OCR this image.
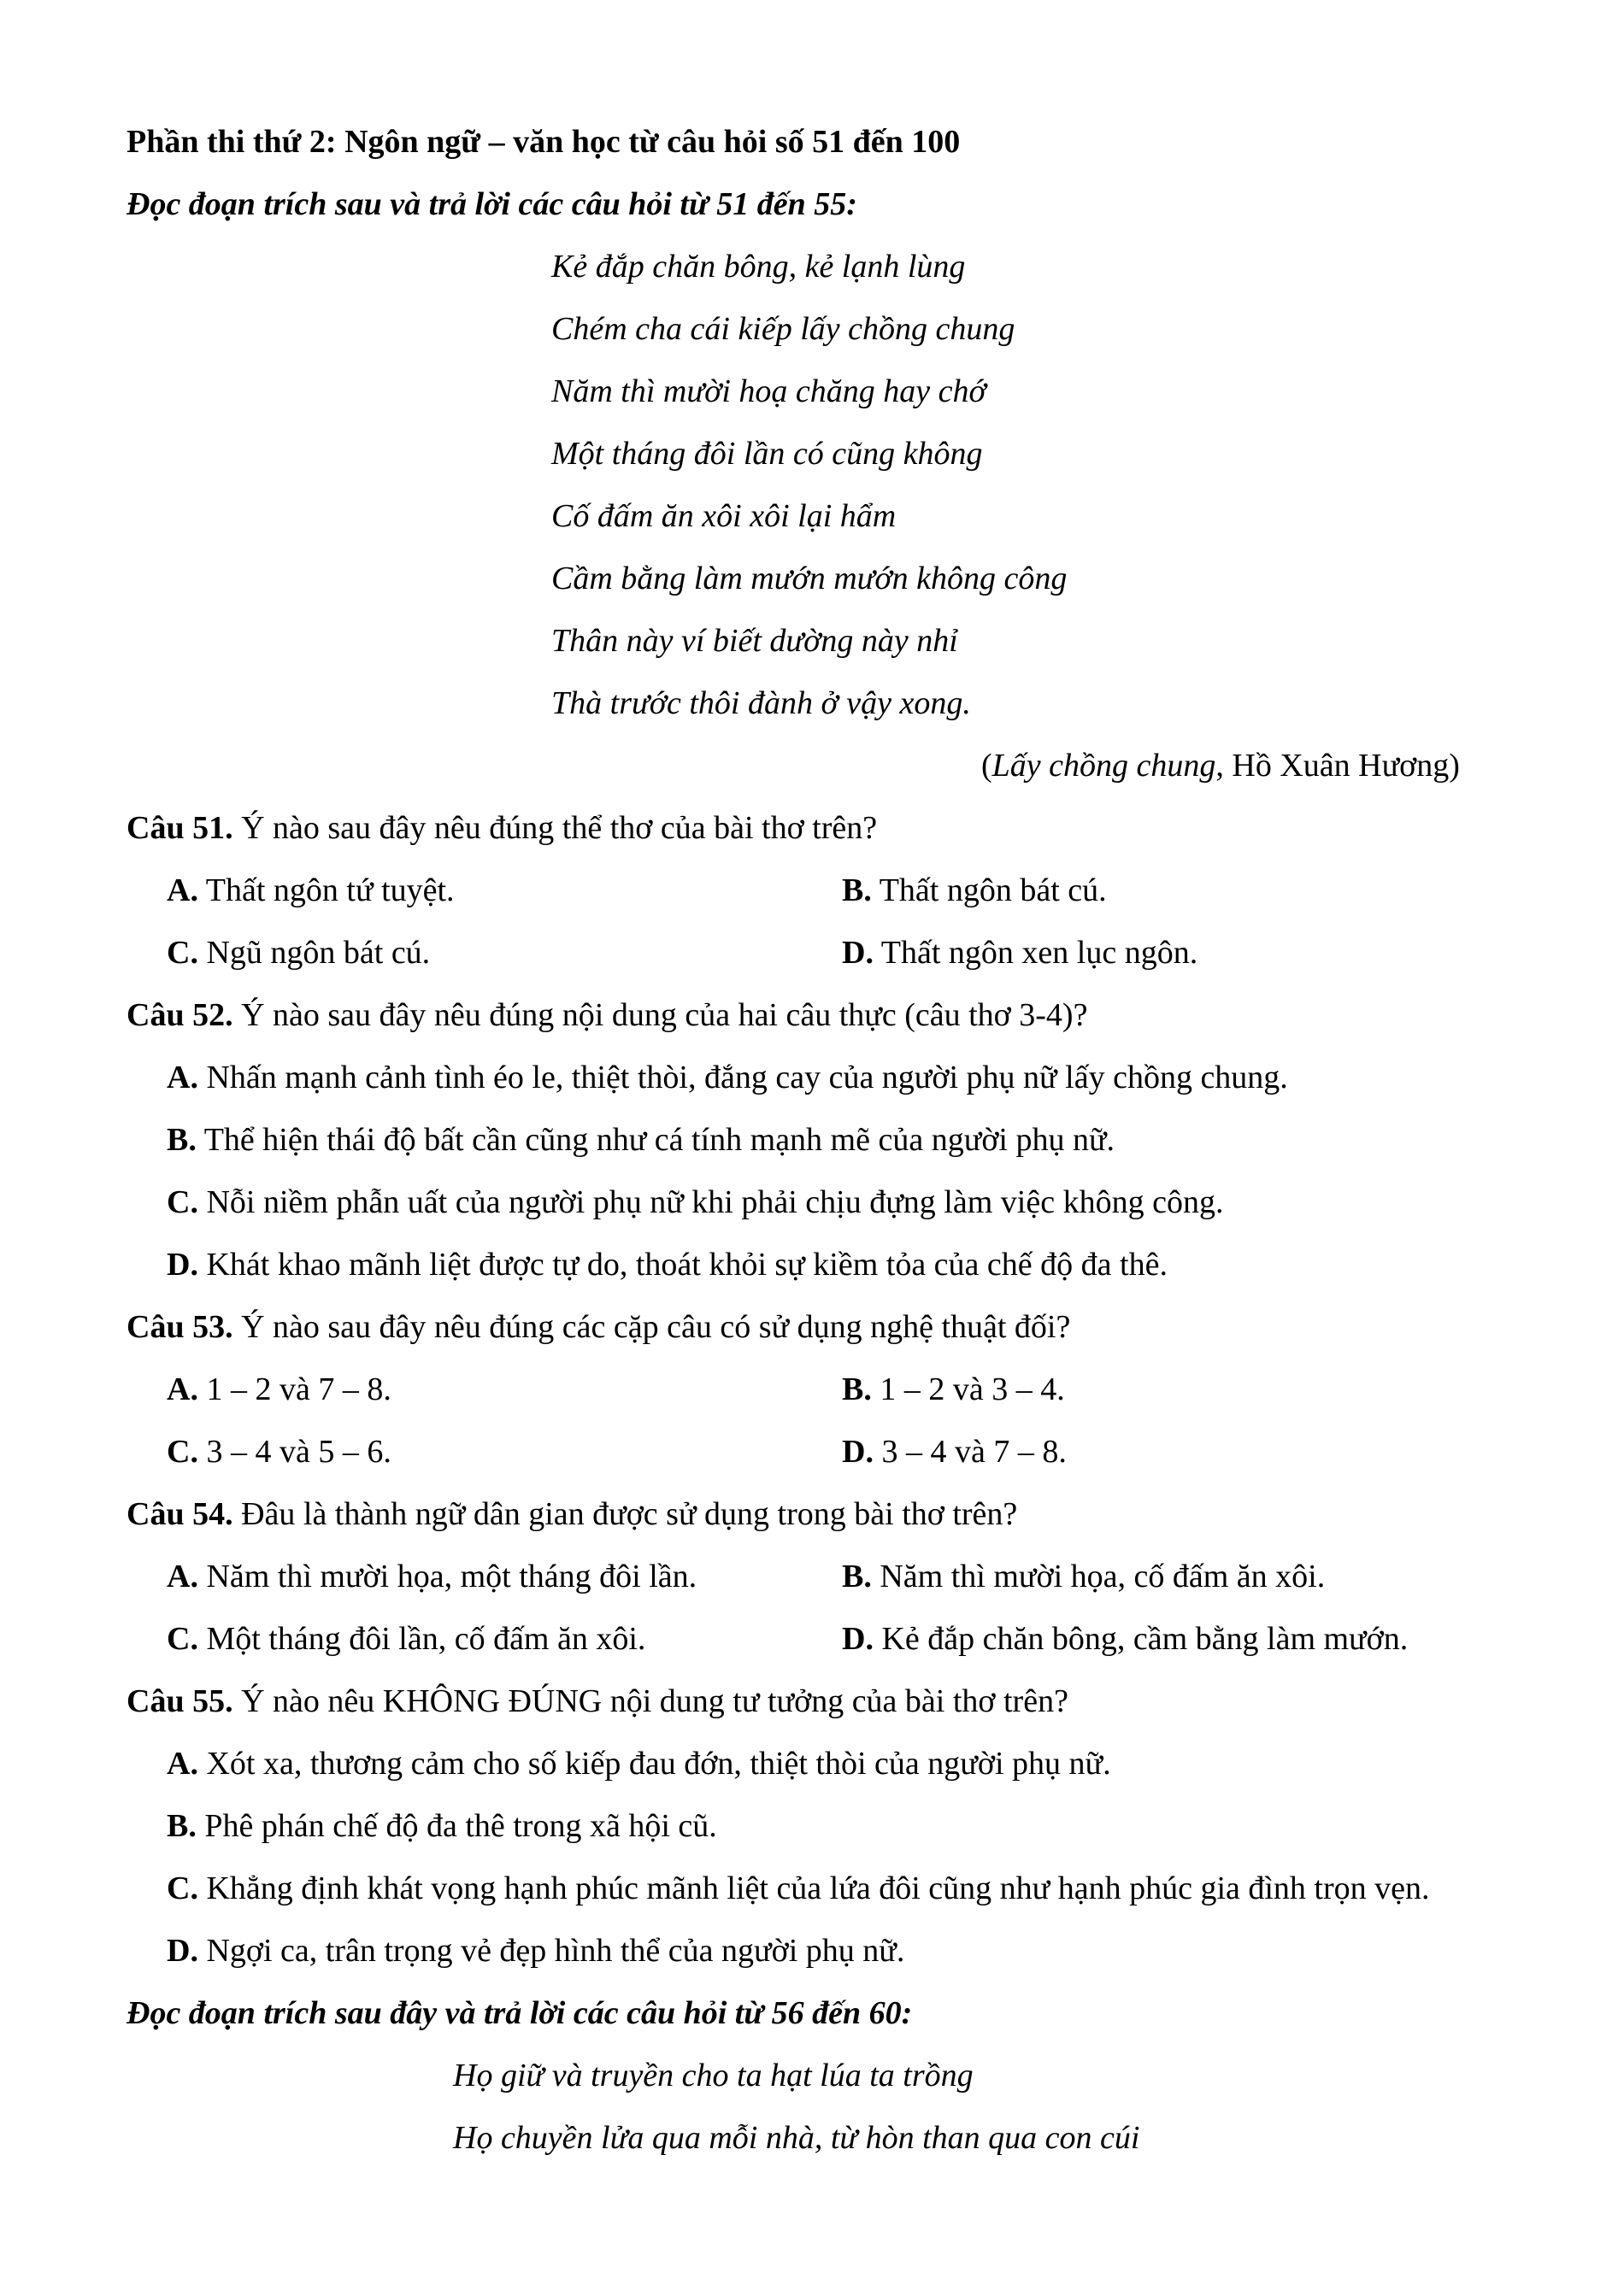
Phần thi thứ 2: Ngôn ngữ – văn học từ câu hỏi số 51 đến 100
Đọc đoạn trích sau và trả lời các câu hỏi từ 51 đến 55:
Kẻ đắp chăn bông, kẻ lạnh lùng
Chém cha cái kiếp lấy chồng chung
Năm thì mười hoạ chăng hay chớ
Một tháng đôi lần có cũng không
Cố đấm ăn xôi xôi lại hẩm
Cầm bằng làm mướn mướn không công
Thân này ví biết dường này nhỉ
Thà trước thôi đành ở vậy xong.
(Lấy chồng chung, Hồ Xuân Hương)
Câu 51. Ý nào sau đây nêu đúng thể thơ của bài thơ trên?
A. Thất ngôn tứ tuyệt.	B. Thất ngôn bát cú.
C. Ngũ ngôn bát cú.	D. Thất ngôn xen lục ngôn.
Câu 52. Ý nào sau đây nêu đúng nội dung của hai câu thực (câu thơ 3-4)?
A. Nhấn mạnh cảnh tình éo le, thiệt thòi, đắng cay của người phụ nữ lấy chồng chung.
B. Thể hiện thái độ bất cần cũng như cá tính mạnh mẽ của người phụ nữ.
C. Nỗi niềm phẫn uất của người phụ nữ khi phải chịu đựng làm việc không công.
D. Khát khao mãnh liệt được tự do, thoát khỏi sự kiềm tỏa của chế độ đa thê.
Câu 53. Ý nào sau đây nêu đúng các cặp câu có sử dụng nghệ thuật đối?
A. 1 – 2 và 7 – 8.	B. 1 – 2 và 3 – 4.
C. 3 – 4 và 5 – 6.	D. 3 – 4 và 7 – 8.
Câu 54. Đâu là thành ngữ dân gian được sử dụng trong bài thơ trên?
A. Năm thì mười họa, một tháng đôi lần.	B. Năm thì mười họa, cố đấm ăn xôi.
C. Một tháng đôi lần, cố đấm ăn xôi.	D. Kẻ đắp chăn bông, cầm bằng làm mướn.
Câu 55. Ý nào nêu KHÔNG ĐÚNG nội dung tư tưởng của bài thơ trên?
A. Xót xa, thương cảm cho số kiếp đau đớn, thiệt thòi của người phụ nữ.
B. Phê phán chế độ đa thê trong xã hội cũ.
C. Khẳng định khát vọng hạnh phúc mãnh liệt của lứa đôi cũng như hạnh phúc gia đình trọn vẹn.
D. Ngợi ca, trân trọng vẻ đẹp hình thể của người phụ nữ.
Đọc đoạn trích sau đây và trả lời các câu hỏi từ 56 đến 60:
Họ giữ và truyền cho ta hạt lúa ta trồng
Họ chuyền lửa qua mỗi nhà, từ hòn than qua con cúi
